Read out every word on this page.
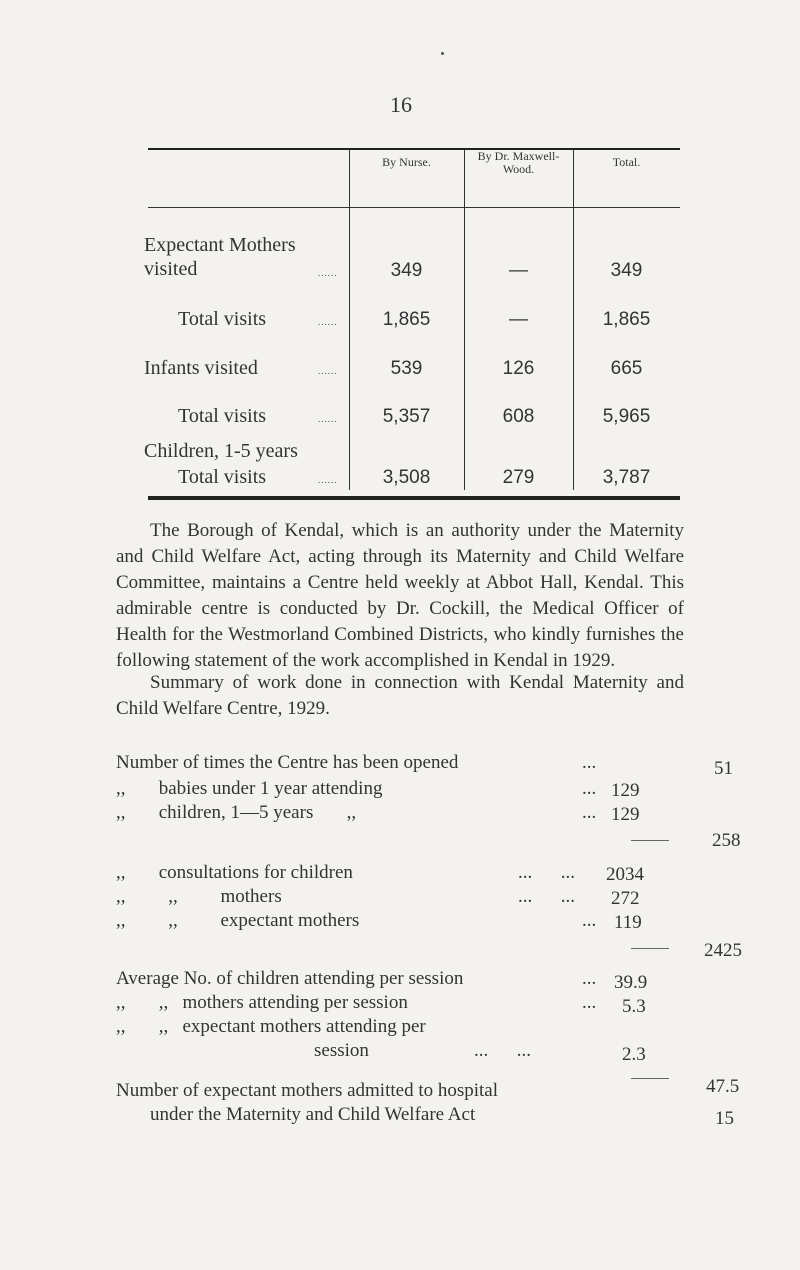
16
By Nurse.	By Dr. Maxwell-Wood.	Total.
Expectant Mothers
visited	......	349	—	349
Total visits	......	1,865	—	1,865
Infants visited	......	539	126	665
Total visits	......	5,357	608	5,965
Children, 1-5 years
Total visits	......	3,508	279	3,787
The Borough of Kendal, which is an authority under the Maternity and Child Welfare Act, acting through its Maternity and Child Welfare Committee, maintains a Centre held weekly at Abbot Hall, Kendal. This admirable centre is conducted by Dr. Cockill, the Medical Officer of Health for the Westmorland Combined Districts, who kindly furnishes the following statement of the work accomplished in Kendal in 1929.
Summary of work done in connection with Kendal Maternity and Child Welfare Centre, 1929.
Number of times the Centre has been opened	...	51
,,       babies under 1 year attending	... 129
,,       children, 1—5 years       ,,	... 129
258
,,       consultations for children	...      ... 2034
,,         ,,         mothers	...      ... 272
,,         ,,         expectant mothers	... 119
2425
Average No. of children attending per session	... 39.9
,,       ,,   mothers attending per session	... 5.3
,,       ,,   expectant mothers attending per
session	...      ...	2.3
47.5
Number of expectant mothers admitted to hospital
under the Maternity and Child Welfare Act	15
